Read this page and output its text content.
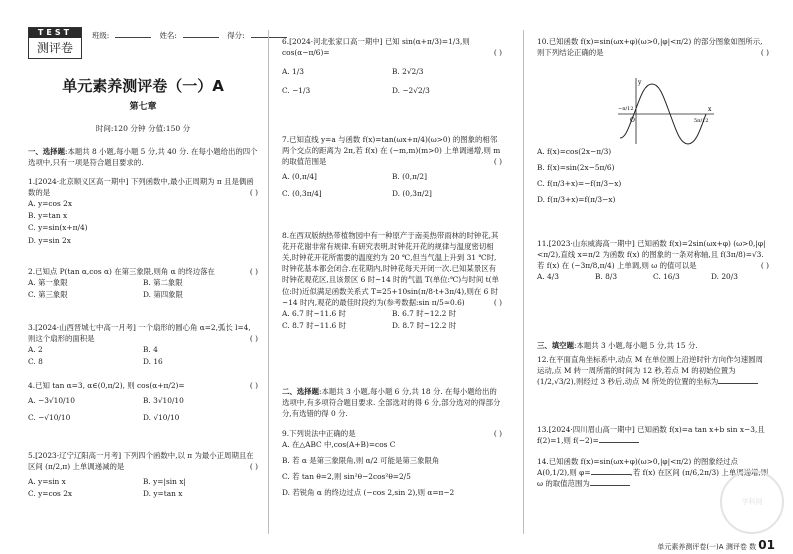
TEST
测评卷
班级:	姓名:	得分:
单元素养测评卷（一）A
第七章
时间:120 分钟 分值:150 分
一、选择题:本题共 8 小题,每小题 5 分,共 40 分. 在每小题给出的四个选项中,只有一项是符合题目要求的.
1.[2024·北京顺义区高一期中] 下列函数中,最小正周期为 π 且是偶函数的是	( )
A. y=cos 2x
B. y=tan x
C. y=sin(x+π/4)
D. y=sin 2x
2.已知点 P(tan α,cos α) 在第三象限,则角 α 的终边落在	( )
A. 第一象限	B. 第二象限
C. 第三象限	D. 第四象限
3.[2024·山西晋城七中高一月考] 一个扇形的圆心角 α=2,弧长 l=4,则这个扇形的面积是	( )
A. 2	B. 4
C. 8	D. 16
4.已知 tan α=3, α∈(0,π/2), 则 cos(α+π/2)=	( )
A. −3√10/10	B. 3√10/10
C. −√10/10	D. √10/10
5.[2023·辽宁辽阳高一月考] 下列四个函数中,以 π 为最小正周期且在区间 (π/2,π) 上单调递减的是	( )
A. y=sin x	B. y=|sin x|
C. y=cos 2x	D. y=tan x
6.[2024·河北张家口高一期中] 已知 sin(α+π/3)=1/3,则 cos(α−π/6)=	( )
A. 1/3	B. 2√2/3
C. −1/3	D. −2√2/3
7.已知直线 y=a 与函数 f(x)=tan(ωx+π/4)(ω>0) 的图象的相邻两个交点的距离为 2π,若 f(x) 在 (−m,m)(m>0) 上单调递增,则 m 的取值范围是	( )
A. (0,π/4]	B. (0,π/2]
C. (0,3π/4]	D. (0,3π/2]
8.在西双版纳热带植物园中有一种原产于南美热带雨林的时钟花,其花开花谢非常有规律.有研究表明,时钟花开花的规律与温度密切相关,时钟花开花所需要的温度约为 20 ℃,但当气温上升到 31 ℃时,时钟花基本都会闭合.在花期内,时钟花每天开闭一次.已知某景区有时钟花观花区,且该景区 6 时~14 时的气温 T(单位:℃)与时间 t(单位:时)近似满足函数关系式 T=25+10sin(π/8·t+3π/4),则在 6 时~14 时内,观花的最佳时段约为(参考数据:sin π/5≈0.6)	( )
A. 6.7 时~11.6 时	B. 6.7 时~12.2 时
C. 8.7 时~11.6 时	D. 8.7 时~12.2 时
二、选择题:本题共 3 小题,每小题 6 分,共 18 分. 在每小题给出的选项中,有多项符合题目要求. 全部选对的得 6 分,部分选对的得部分分,有选错的得 0 分.
9.下列说法中正确的是	( )
A. 在△ABC 中,cos(A+B)=cos C
B. 若 α 是第三象限角,则 α/2 可能是第三象限角
C. 若 tan θ=2,则 sin²θ−2cos²θ=2/5
D. 若锐角 α 的终边过点 (−cos 2,sin 2),则 α=π−2
10.已知函数 f(x)=sin(ωx+φ)(ω>0,|φ|<π/2) 的部分图象如图所示,则下列结论正确的是	( )
A. f(x)=cos(2x−π/3)
B. f(x)=sin(2x−5π/6)
C. f(π/3+x)=−f(π/3−x)
D. f(π/3+x)=f(π/3−x)
11.[2023·山东威海高一期中] 已知函数 f(x)=2sin(ωx+φ) (ω>0,|φ|<π/2),直线 x=π/2 为函数 f(x) 的图象的一条对称轴,且 f(3π/8)=√3. 若 f(x) 在 (−3π/8,π/4) 上单调,则 ω 的值可以是	( )
A. 4/3	B. 8/3	C. 16/3	D. 20/3
三、填空题:本题共 3 小题,每小题 5 分,共 15 分.
12.在平面直角坐标系中,动点 M 在单位圆上沿逆时针方向作匀速圆周运动,点 M 转一周所需的时间为 12 秒,若点 M 的初始位置为 (1/2,√3/2),则经过 3 秒后,动点 M 所处的位置的坐标为
13.[2024·四川眉山高一期中] 已知函数 f(x)=a tan x+b sin x−3,且 f(2)=1,则 f(−2)=
14.已知函数 f(x)=sin(ωx+φ)(ω>0,|φ|<π/2) 的图象经过点 A(0,1/2),则 φ=	,若 f(x) 在区间 (π/6,2π/3) 上单调递增,则 ω 的取值范围为
y
x
O
−π/12
5π/12
学科网
单元素养测评卷(一)A 测评卷 数 01
